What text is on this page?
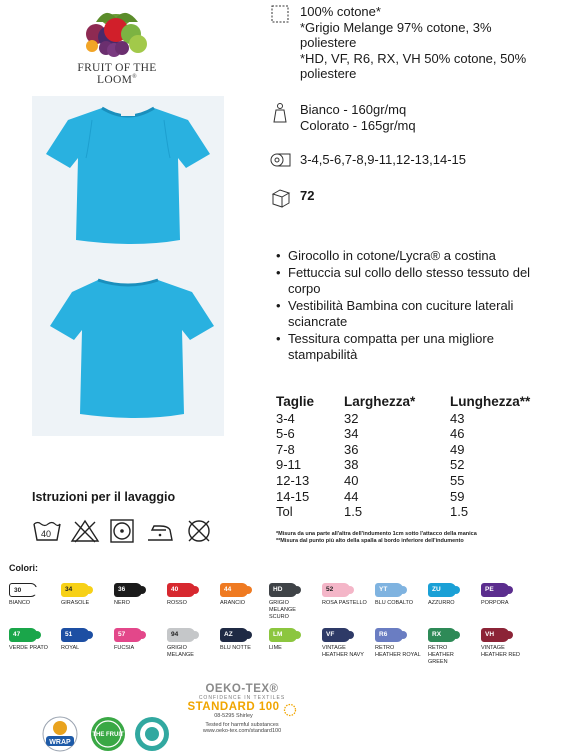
FRUIT OF THE LOOM®
100% cotone*
*Grigio Melange 97% cotone, 3%
poliestere
*HD, VF, R6, RX, VH 50% cotone, 50%
poliestere
Bianco - 160gr/mq
Colorato - 165gr/mq
3-4,5-6,7-8,9-11,12-13,14-15
72
• Girocollo in cotone/Lycra® a costina
• Fettuccia sul collo dello stesso tessuto del corpo
• Vestibilità Bambina con cuciture laterali sciancrate
• Tessitura compatta per una migliore stampabilità
Taglie	Larghezza*	Lunghezza**
3-4	32	43
5-6	34	46
7-8	36	49
9-11	38	52
12-13	40	55
14-15	44	59
Tol	1.5	1.5
*Misura da una parte all'altra dell'indumento 1cm sotto l'attacco della manica
**Misura dal punto più alto della spalla al bordo inferiore dell'indumento
Istruzioni per il lavaggio
40
Colori:
30
BIANCO
34
GIRASOLE
36
NERO
40
ROSSO
44
ARANCIO
HD
GRIGIO MELANGE SCURO
52
ROSA PASTELLO
YT
BLU COBALTO
ZU
AZZURRO
PE
PORPORA
47
VERDE PRATO
51
ROYAL
57
FUCSIA
94
GRIGIO MELANGE
AZ
BLU NOTTE
LM
LIME
VF
VINTAGE HEATHER NAVY
R6
RETRO HEATHER ROYAL
RX
RETRO HEATHER GREEN
VH
VINTAGE HEATHER RED
OEKO-TEX®
CONFIDENCE IN TEXTILES
STANDARD 100
08-5295 Shirley
Tested for harmful substances
www.oeko-tex.com/standard100
WRAP
THE FRUIT
